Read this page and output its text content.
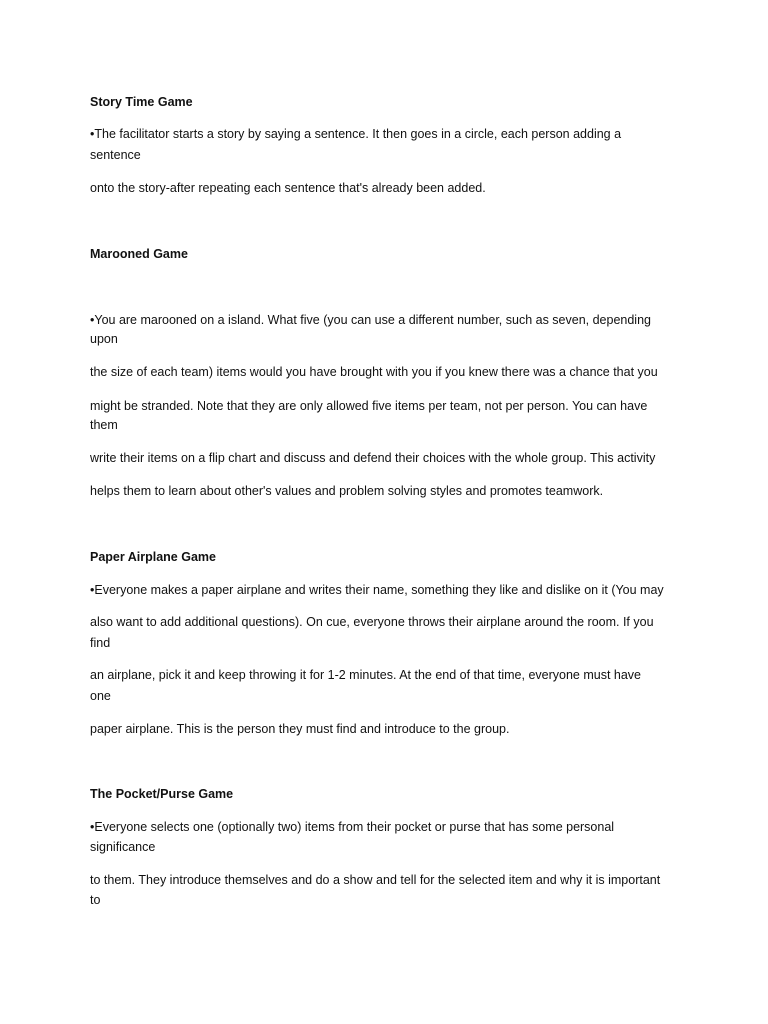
Story Time Game
•The facilitator starts a story by saying a sentence. It then goes in a circle, each person adding a
sentence
onto the story-after repeating each sentence that's already been added.
Marooned Game
•You are marooned on a island. What five (you can use a different number, such as seven, depending
upon
the size of each team) items would you have brought with you if you knew there was a chance that you
might be stranded. Note that they are only allowed five items per team, not per person. You can have
them
write their items on a flip chart and discuss and defend their choices with the whole group. This activity
helps them to learn about other's values and problem solving styles and promotes teamwork.
Paper Airplane Game
•Everyone makes a paper airplane and writes their name, something they like and dislike on it (You may
also want to add additional questions). On cue, everyone throws their airplane around the room. If you
find
an airplane, pick it and keep throwing it for 1-2 minutes. At the end of that time, everyone must have
one
paper airplane. This is the person they must find and introduce to the group.
The Pocket/Purse Game
•Everyone selects one (optionally two) items from their pocket or purse that has some personal
significance
to them. They introduce themselves and do a show and tell for the selected item and why it is important
to
